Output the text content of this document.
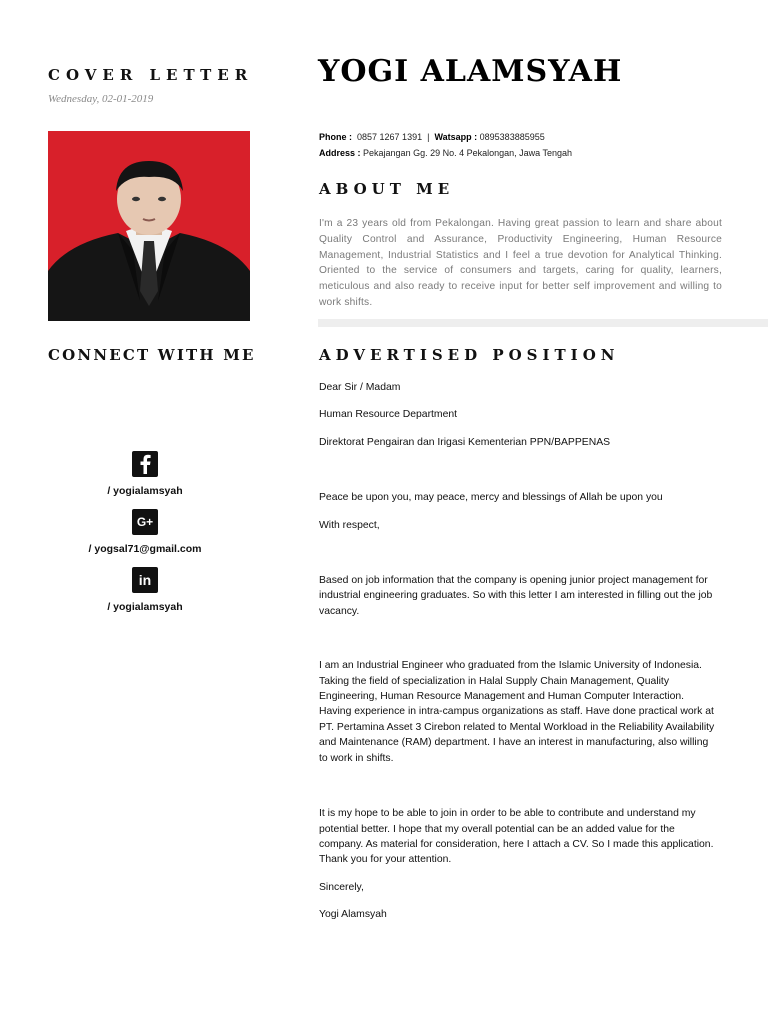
COVER LETTER
Wednesday, 02-01-2019
CONNECT WITH ME
/ yogialamsyah
G+
/ yogsal71@gmail.com
in
/ yogialamsyah
YOGI ALAMSYAH
Phone : 0857 1267 1391 | Watsapp : 0895383885955
Address : Pekajangan Gg. 29 No. 4 Pekalongan, Jawa Tengah
ABOUT ME
I'm a 23 years old from Pekalongan. Having great passion to learn and share about Quality Control and Assurance, Productivity Engineering, Human Resource Management, Industrial Statistics and I feel a true devotion for Analytical Thinking. Oriented to the service of consumers and targets, caring for quality, learners, meticulous and also ready to receive input for better self improvement and willing to work shifts.
ADVERTISED POSITION

Dear Sir / Madam

Human Resource Department

Direktorat Pengairan dan Irigasi Kementerian PPN/BAPPENAS

Peace be upon you, may peace, mercy and blessings of Allah be upon you

With respect,

Based on job information that the company is opening junior project management for industrial engineering graduates. So with this letter I am interested in filling out the job vacancy.

I am an Industrial Engineer who graduated from the Islamic University of Indonesia. Taking the field of specialization in Halal Supply Chain Management, Quality Engineering, Human Resource Management and Human Computer Interaction. Having experience in intra-campus organizations as staff. Have done practical work at PT. Pertamina Asset 3 Cirebon related to Mental Workload in the Reliability Availability and Maintenance (RAM) department. I have an interest in manufacturing, also willing to work in shifts.

It is my hope to be able to join in order to be able to contribute and understand my potential better. I hope that my overall potential can be an added value for the company. As material for consideration, here I attach a CV. So I made this application. Thank you for your attention.

Sincerely,

Yogi Alamsyah
